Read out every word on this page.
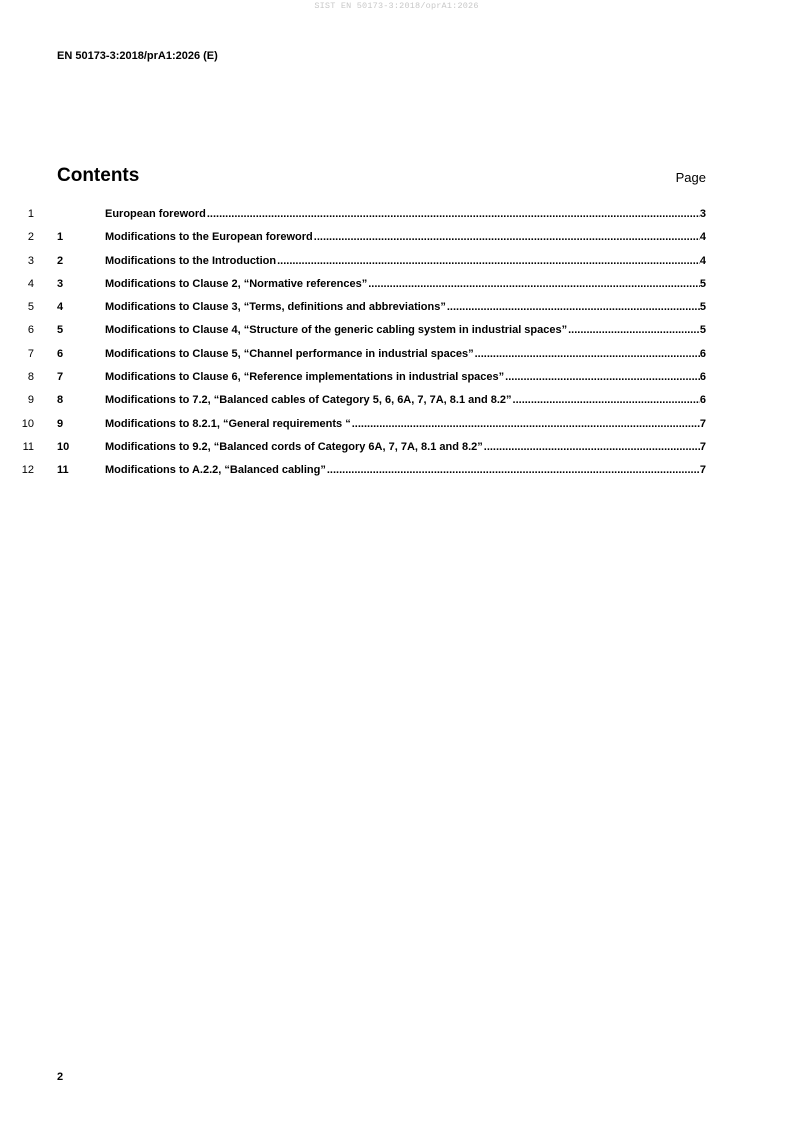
SIST EN 50173-3:2018/oprA1:2026
EN 50173-3:2018/prA1:2026 (E)
Contents	Page
1	European foreword .....	3
2 1	Modifications to the European foreword .....	4
3 2	Modifications to the Introduction .....	4
4 3	Modifications to Clause 2, “Normative references” .....	5
5 4	Modifications to Clause 3, “Terms, definitions and abbreviations” .....	5
6 5	Modifications to Clause 4, “Structure of the generic cabling system in industrial spaces” .....	5
7 6	Modifications to Clause 5, “Channel performance in industrial spaces” .....	6
8 7	Modifications to Clause 6, “Reference implementations in industrial spaces” .....	6
9 8	Modifications to 7.2, “Balanced cables of Category 5, 6, 6A, 7, 7A, 8.1 and 8.2” .....	6
10 9	Modifications to 8.2.1, “General requirements “ .....	7
11 10	Modifications to 9.2, “Balanced cords of Category 6A, 7, 7A, 8.1 and 8.2” .....	7
12 11	Modifications to A.2.2, “Balanced cabling” .....	7
2
